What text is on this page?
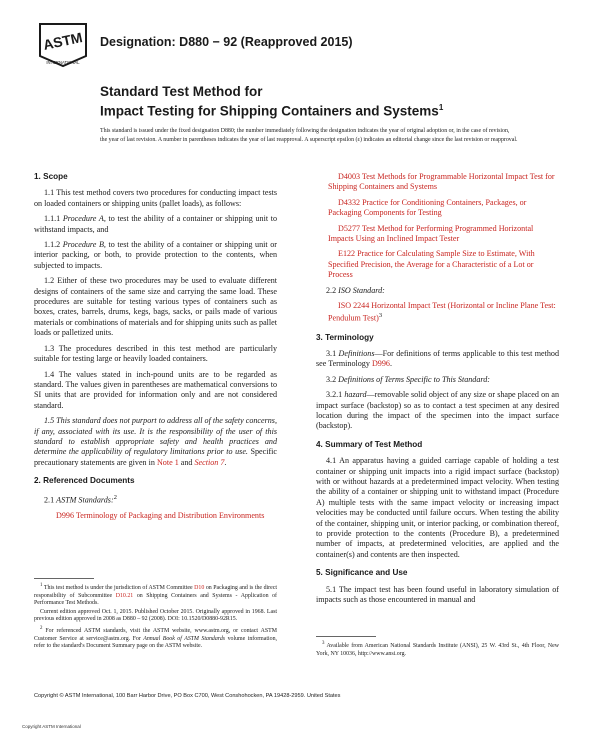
ASTM
INTERNATIONAL
Designation: D880 − 92 (Reapproved 2015)
Standard Test Method for
Impact Testing for Shipping Containers and Systems$^1$
This standard is issued under the fixed designation D880; the number immediately following the designation indicates the year of original adoption or, in the case of revision, the year of last revision. A number in parentheses indicates the year of last reapproval. A superscript epsilon (ε) indicates an editorial change since the last revision or reapproval.
1. Scope

1.1 This test method covers two procedures for conducting impact tests on loaded containers or shipping units (pallet loads), as follows:

1.1.1 Procedure A, to test the ability of a container or shipping unit to withstand impacts, and

1.1.2 Procedure B, to test the ability of a container or shipping unit or interior packing, or both, to provide protection to the contents, when subjected to impacts.

1.2 Either of these two procedures may be used to evaluate different designs of containers of the same size and carrying the same load. These procedures are suitable for testing various types of containers such as boxes, crates, barrels, drums, kegs, bags, sacks, or pails made of various materials or combinations of materials and for shipping units such as pallet loads or palletized units.

1.3 The procedures described in this test method are particularly suitable for testing large or heavily loaded containers.

1.4 The values stated in inch-pound units are to be regarded as standard. The values given in parentheses are mathematical conversions to SI units that are provided for information only and are not considered standard.

1.5 This standard does not purport to address all of the safety concerns, if any, associated with its use. It is the responsibility of the user of this standard to establish appropriate safety and health practices and determine the applicability of regulatory limitations prior to use. Specific precautionary statements are given in Note 1 and Section 7.

2. Referenced Documents

2.1 ASTM Standards:$^2$

D996 Terminology of Packaging and Distribution Environments

D4003 Test Methods for Programmable Horizontal Impact Test for Shipping Containers and Systems

D4332 Practice for Conditioning Containers, Packages, or Packaging Components for Testing

D5277 Test Method for Performing Programmed Horizontal Impacts Using an Inclined Impact Tester

E122 Practice for Calculating Sample Size to Estimate, With Specified Precision, the Average for a Characteristic of a Lot or Process

2.2 ISO Standard:

ISO 2244 Horizontal Impact Test (Horizontal or Incline Plane Test: Pendulum Test)$^3$

3. Terminology

3.1 Definitions—For definitions of terms applicable to this test method see Terminology D996.

3.2 Definitions of Terms Specific to This Standard:

3.2.1 hazard—removable solid object of any size or shape placed on an impact surface (backstop) so as to contact a test specimen at any desired location during the impact of the specimen into the impact surface (backstop).

4. Summary of Test Method

4.1 An apparatus having a guided carriage capable of holding a test container or shipping unit impacts into a rigid impact surface (backstop) with or without hazards at a predetermined impact velocity. When testing the ability of a container or shipping unit to withstand impact (Procedure A) multiple tests with the same impact velocity or increasing impact velocities may be conducted until failure occurs. When testing the ability of the container, shipping unit, or interior packing, or combination thereof, to provide protection to the contents (Procedure B), a predetermined number of impacts, at predetermined velocities, are applied and the container(s) and contents are then inspected.

5. Significance and Use

5.1 The impact test has been found useful in laboratory simulation of impacts such as those encountered in manual and

$^1$ This test method is under the jurisdiction of ASTM Committee D10 on Packaging and is the direct responsibility of Subcommittee D10.21 on Shipping Containers and Systems - Application of Performance Test Methods.

Current edition approved Oct. 1, 2015. Published October 2015. Originally approved in 1968. Last previous edition approved in 2008 as D880 – 92 (2008). DOI: 10.1520/D0880-92R15.

$^2$ For referenced ASTM standards, visit the ASTM website, www.astm.org, or contact ASTM Customer Service at service@astm.org. For Annual Book of ASTM Standards volume information, refer to the standard's Document Summary page on the ASTM website.	$^3$ Available from American National Standards Institute (ANSI), 25 W. 43rd St., 4th Floor, New York, NY 10036, http://www.ansi.org.

Copyright © ASTM International, 100 Barr Harbor Drive, PO Box C700, West Conshohocken, PA 19428-2959. United States
Copyright ASTM International
